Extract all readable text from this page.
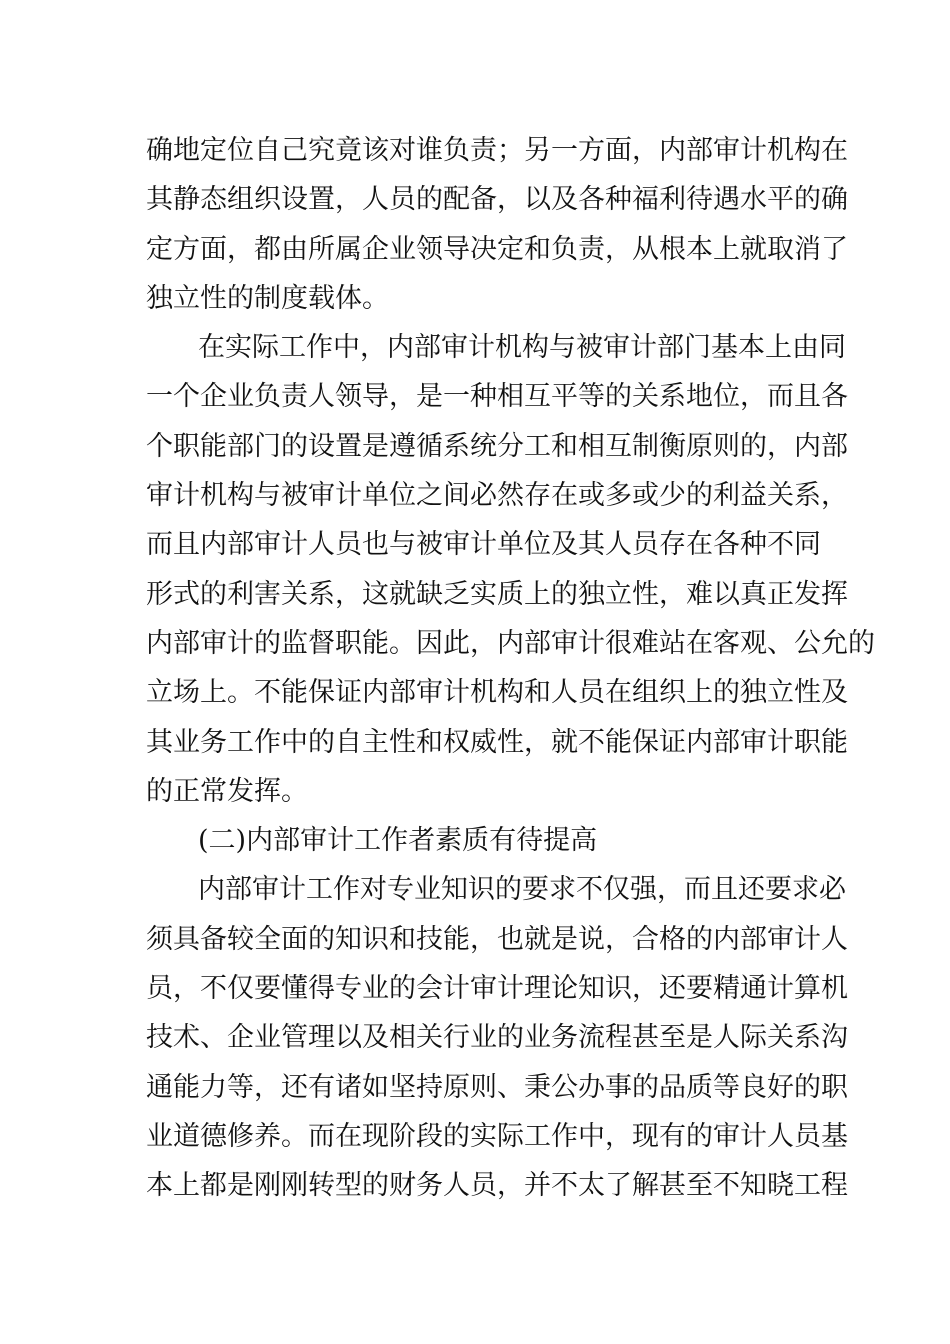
确地定位自己究竟该对谁负责；另一方面，内部审计机构在
其静态组织设置，人员的配备，以及各种福利待遇水平的确
定方面，都由所属企业领导决定和负责，从根本上就取消了
独立性的制度载体。
在实际工作中，内部审计机构与被审计部门基本上由同
一个企业负责人领导，是一种相互平等的关系地位，而且各
个职能部门的设置是遵循系统分工和相互制衡原则的，内部
审计机构与被审计单位之间必然存在或多或少的利益关系，
而且内部审计人员也与被审计单位及其人员存在各种不同
形式的利害关系，这就缺乏实质上的独立性，难以真正发挥
内部审计的监督职能。因此，内部审计很难站在客观、公允的
立场上。不能保证内部审计机构和人员在组织上的独立性及
其业务工作中的自主性和权威性，就不能保证内部审计职能
的正常发挥。
(二)内部审计工作者素质有待提高
内部审计工作对专业知识的要求不仅强，而且还要求必
须具备较全面的知识和技能，也就是说，合格的内部审计人
员，不仅要懂得专业的会计审计理论知识，还要精通计算机
技术、企业管理以及相关行业的业务流程甚至是人际关系沟
通能力等，还有诸如坚持原则、秉公办事的品质等良好的职
业道德修养。而在现阶段的实际工作中，现有的审计人员基
本上都是刚刚转型的财务人员，并不太了解甚至不知晓工程
